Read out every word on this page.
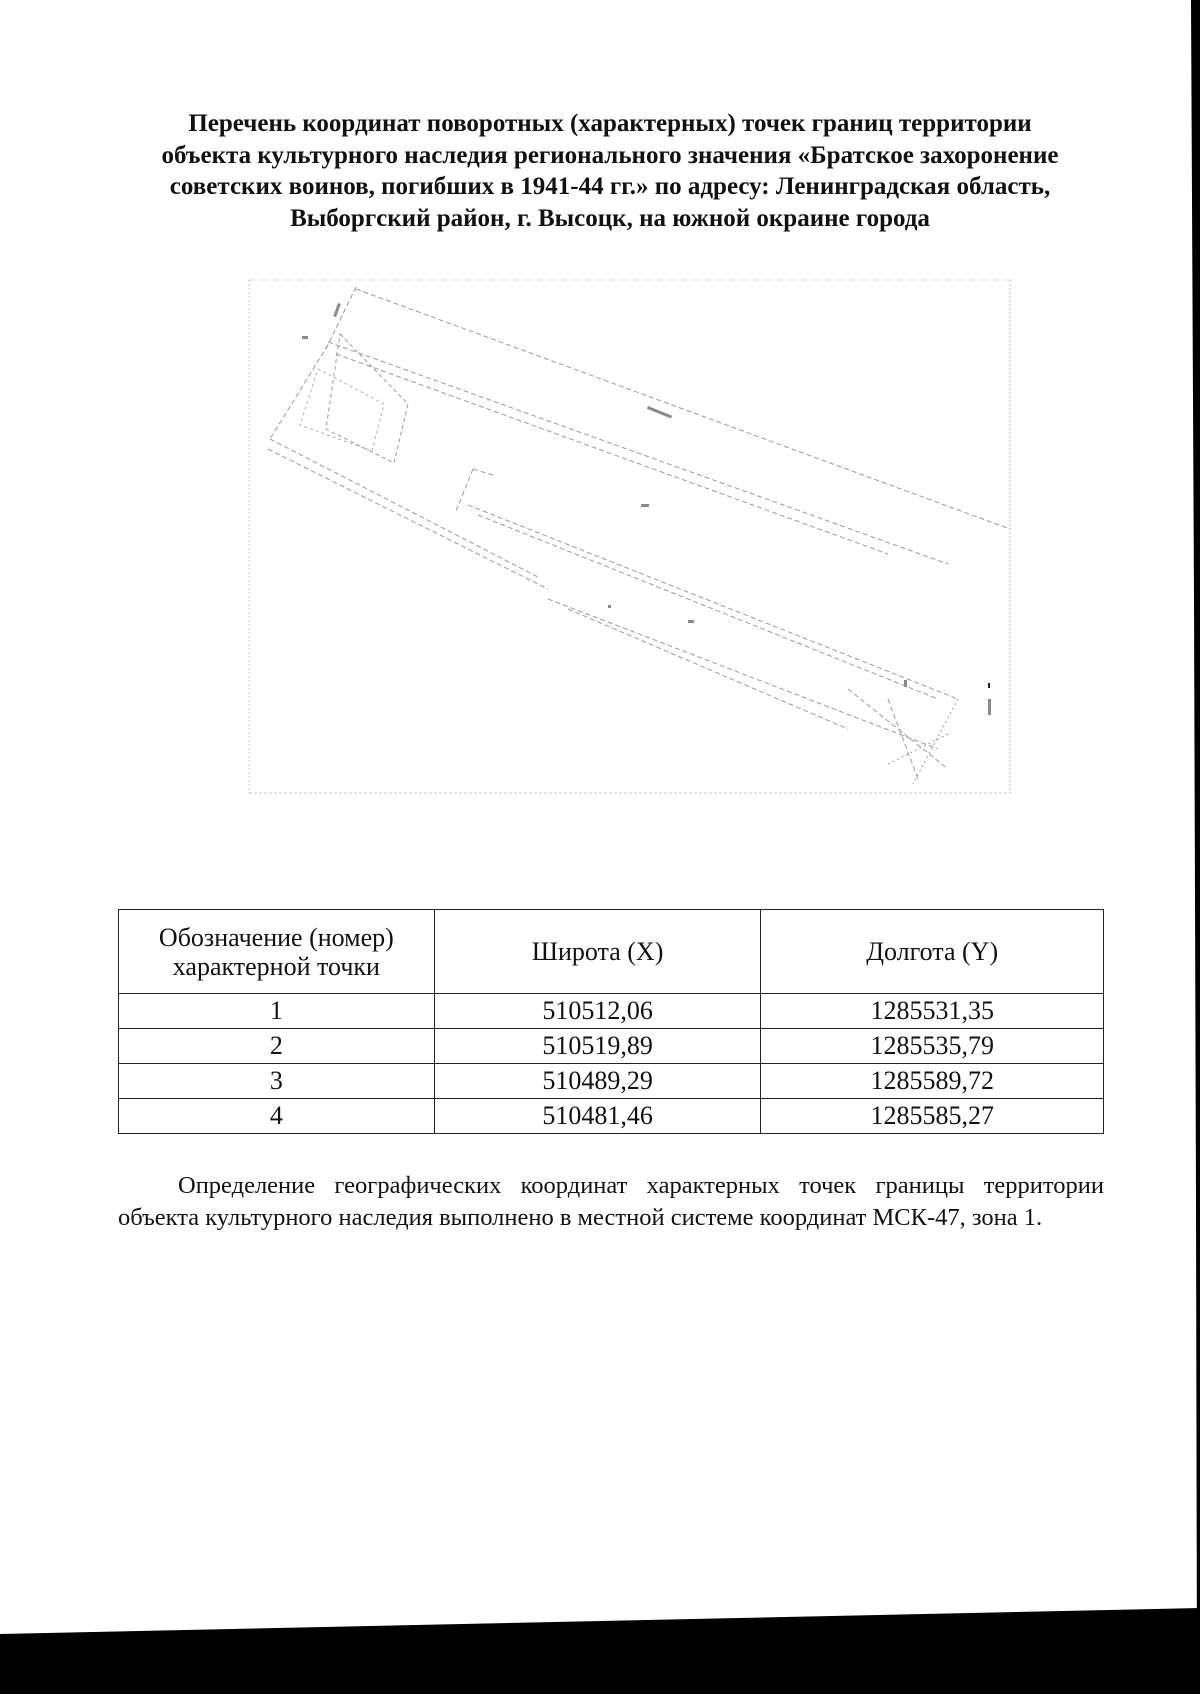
Перечень координат поворотных (характерных) точек границ территории
объекта культурного наследия регионального значения «Братское захоронение
советских воинов, погибших в 1941-44 гг.» по адресу: Ленинградская область,
Выборгский район, г. Высоцк, на южной окраине города
Обозначение (номер) характерной точки	Широта (X)	Долгота (Y)
1	510512,06	1285531,35
2	510519,89	1285535,79
3	510489,29	1285589,72
4	510481,46	1285585,27

Определение географических координат характерных точек границы территории объекта культурного наследия выполнено в местной системе координат МСК-47, зона 1.
